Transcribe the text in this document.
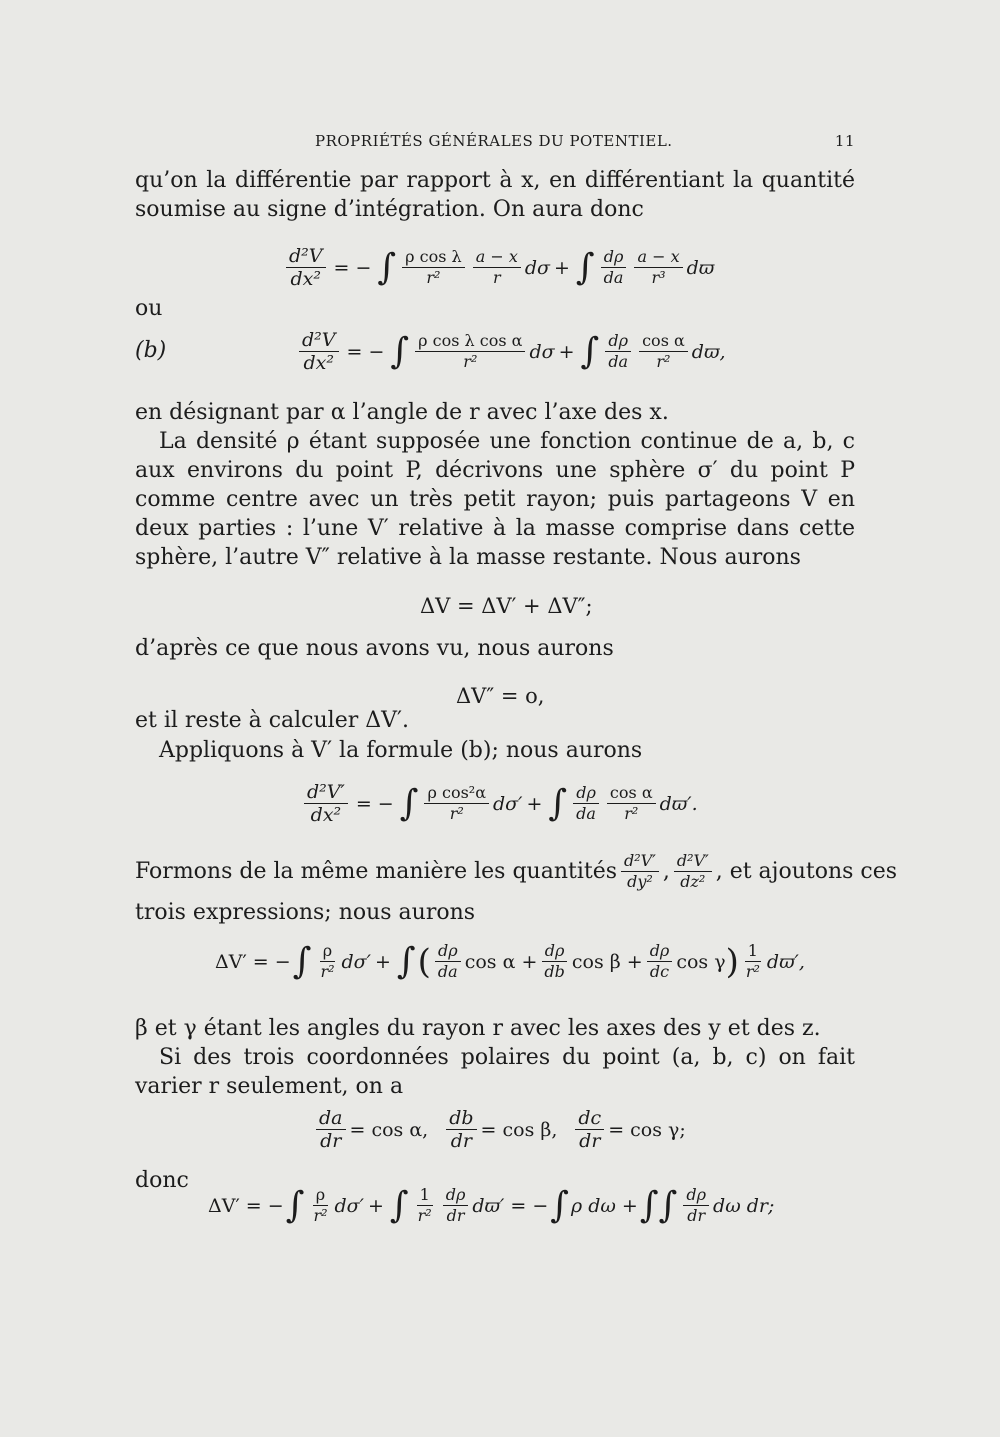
PROPRIÉTÉS GÉNÉRALES DU POTENTIEL.	11
qu’on la différentie par rapport à x, en différentiant la quantité soumise au signe d’intégration. On aura donc
$\frac{\text{d²V}}{\text{dx²}}$ = − ∫ $\frac{\text{ρ cos λ}}{\text{r²}} \frac{a - x}{r}$ dσ + ∫ $\frac{d\rho}{da} \frac{a - x}{\text{r³}}$ dϖ
ou
(b)	$\frac{\text{d²V}}{\text{dx²}}$ = − ∫ $\frac{\text{ρ cos λ cos α}}{\text{r²}}$ dσ + ∫ $\frac{d\rho}{da} \frac{\text{cos α}}{\text{r²}} dϖ$,
en désignant par α l’angle de r avec l’axe des x.
La densité ρ étant supposée une fonction continue de a, b, c aux environs du point P, décrivons une sphère σ′ du point P comme centre avec un très petit rayon; puis partageons V en deux parties : l’une V′ relative à la masse comprise dans cette sphère, l’autre V″ relative à la masse restante. Nous aurons
ΔV = ΔV′ + ΔV″;
d’après ce que nous avons vu, nous aurons
ΔV″ = o,
et il reste à calculer ΔV′.
Appliquons à V′ la formule (b); nous aurons
$\frac{\text{d²V′}}{\text{dx²}}$ = − ∫ $\frac{\text{ρ cos²α}}{\text{r²}} d\sigma'$ + ∫ $\frac{d\rho}{da} \frac{\text{cos α}}{\text{r²}} dϖ'$.
Formons de la même manière les quantités $\frac{\text{d²V′}}{\text{dy²}}$ , $\frac{\text{d²V′}}{\text{dz²}}$ , et ajoutons ces
trois expressions; nous aurons
ΔV′ = − ∫ $\frac{\rho}{\text{r²}} d\sigma'$ + ∫ ( $\frac{d\rho}{da}$ $\cos \alpha + \frac{d\rho}{db}$ $\cos \beta + \frac{d\rho}{dc}$ cos γ ) $\frac{1}{\text{r²}} dϖ'$,
β et γ étant les angles du rayon r avec les axes des y et des z.
Si des trois coordonnées polaires du point (a, b, c) on fait varier r seulement, on a
$\frac{da}{dr} = \cos \alpha$, $\frac{db}{dr} = \cos \beta$, $\frac{dc}{dr} = \cos \gamma$;
donc
ΔV′ = − ∫ $\frac{\rho}{\text{r²}} d\sigma'$ + ∫ $\frac{1}{\text{r²}} \frac{d\rho}{dr} dϖ'$ = − ∫ ρ dω + ∫∫ $\frac{d\rho}{dr}$ dω dr;
